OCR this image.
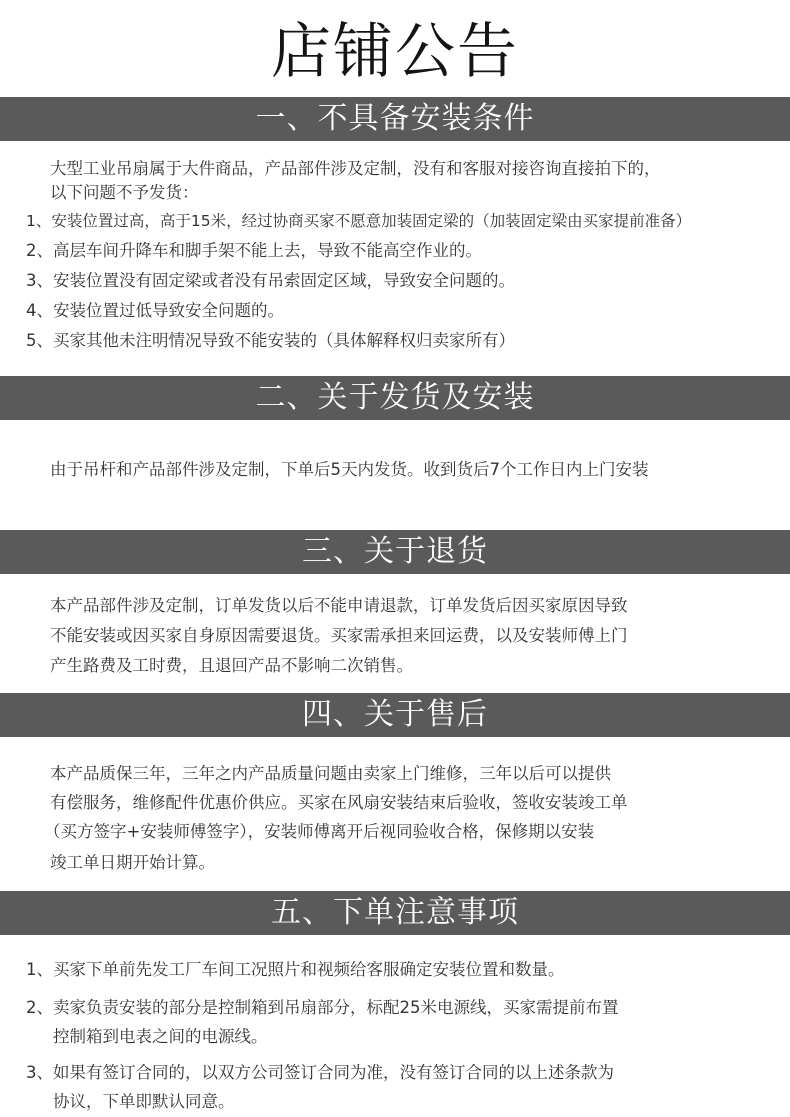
店铺公告
一、不具备安装条件
大型工业吊扇属于大件商品，产品部件涉及定制，没有和客服对接咨询直接拍下的，
以下问题不予发货：
1、安装位置过高，高于15米，经过协商买家不愿意加装固定梁的（加装固定梁由买家提前准备）
2、高层车间升降车和脚手架不能上去，导致不能高空作业的。
3、安装位置没有固定梁或者没有吊索固定区域，导致安全问题的。
4、安装位置过低导致安全问题的。
5、买家其他未注明情况导致不能安装的（具体解释权归卖家所有）
二、关于发货及安装
由于吊杆和产品部件涉及定制，下单后5天内发货。收到货后7个工作日内上门安装
三、关于退货
本产品部件涉及定制，订单发货以后不能申请退款，订单发货后因买家原因导致
不能安装或因买家自身原因需要退货。买家需承担来回运费，以及安装师傅上门
产生路费及工时费，且退回产品不影响二次销售。
四、关于售后
本产品质保三年，三年之内产品质量问题由卖家上门维修，三年以后可以提供
有偿服务，维修配件优惠价供应。买家在风扇安装结束后验收，签收安装竣工单
（买方签字+安装师傅签字），安装师傅离开后视同验收合格，保修期以安装
竣工单日期开始计算。
五、下单注意事项
1、买家下单前先发工厂车间工况照片和视频给客服确定安装位置和数量。
2、卖家负责安装的部分是控制箱到吊扇部分，标配25米电源线，买家需提前布置
控制箱到电表之间的电源线。
3、如果有签订合同的，以双方公司签订合同为准，没有签订合同的以上述条款为
协议，下单即默认同意。
